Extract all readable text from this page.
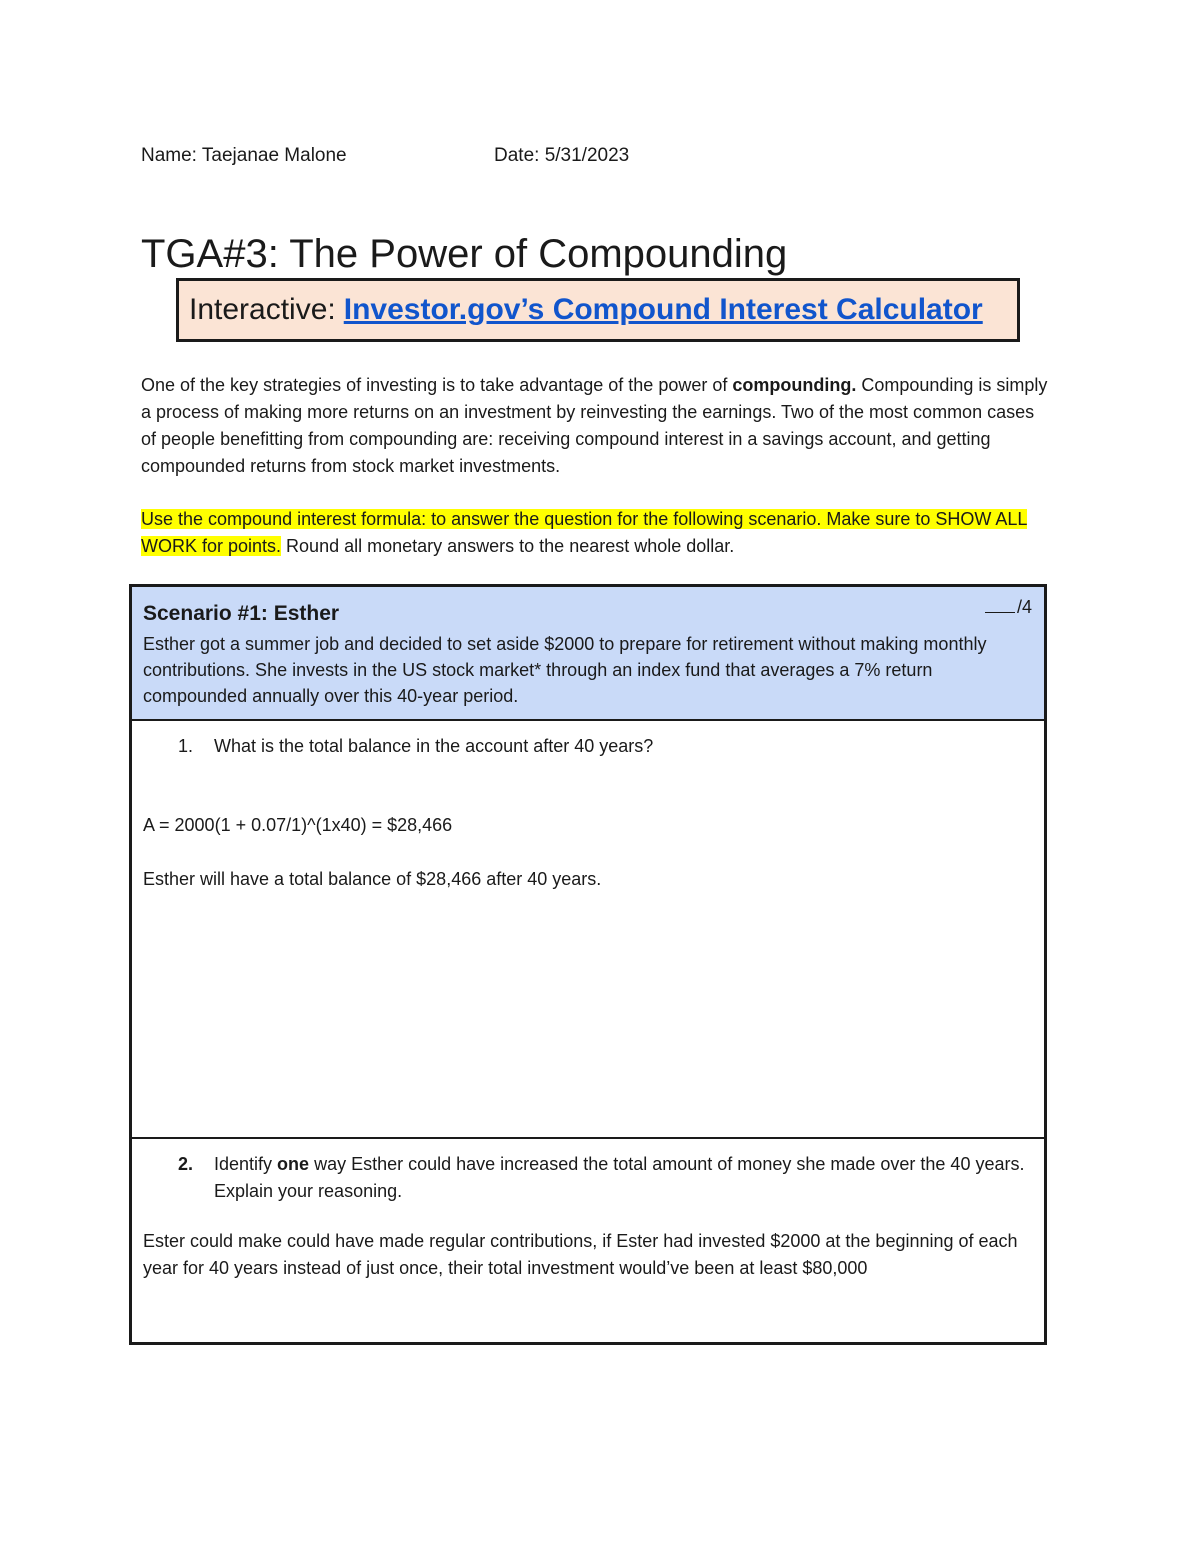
Name: Taejanae Malone	Date: 5/31/2023
TGA#3: The Power of Compounding
Interactive: Investor.gov’s Compound Interest Calculator
One of the key strategies of investing is to take advantage of the power of compounding. Compounding is simply a process of making more returns on an investment by reinvesting the earnings. Two of the most common cases of people benefitting from compounding are: receiving compound interest in a savings account, and getting compounded returns from stock market investments.
Use the compound interest formula: to answer the question for the following scenario. Make sure to SHOW ALL WORK for points. Round all monetary answers to the nearest whole dollar.
Scenario #1: Esther	/4
Esther got a summer job and decided to set aside $2000 to prepare for retirement without making monthly contributions. She invests in the US stock market* through an index fund that averages a 7% return compounded annually over this 40-year period.
1. What is the total balance in the account after 40 years?
A = 2000(1 + 0.07/1)^(1x40) = $28,466
Esther will have a total balance of $28,466 after 40 years.
2. Identify one way Esther could have increased the total amount of money she made over the 40 years. Explain your reasoning.
Ester could make could have made regular contributions, if Ester had invested $2000 at the beginning of each year for 40 years instead of just once, their total investment would’ve been at least $80,000
